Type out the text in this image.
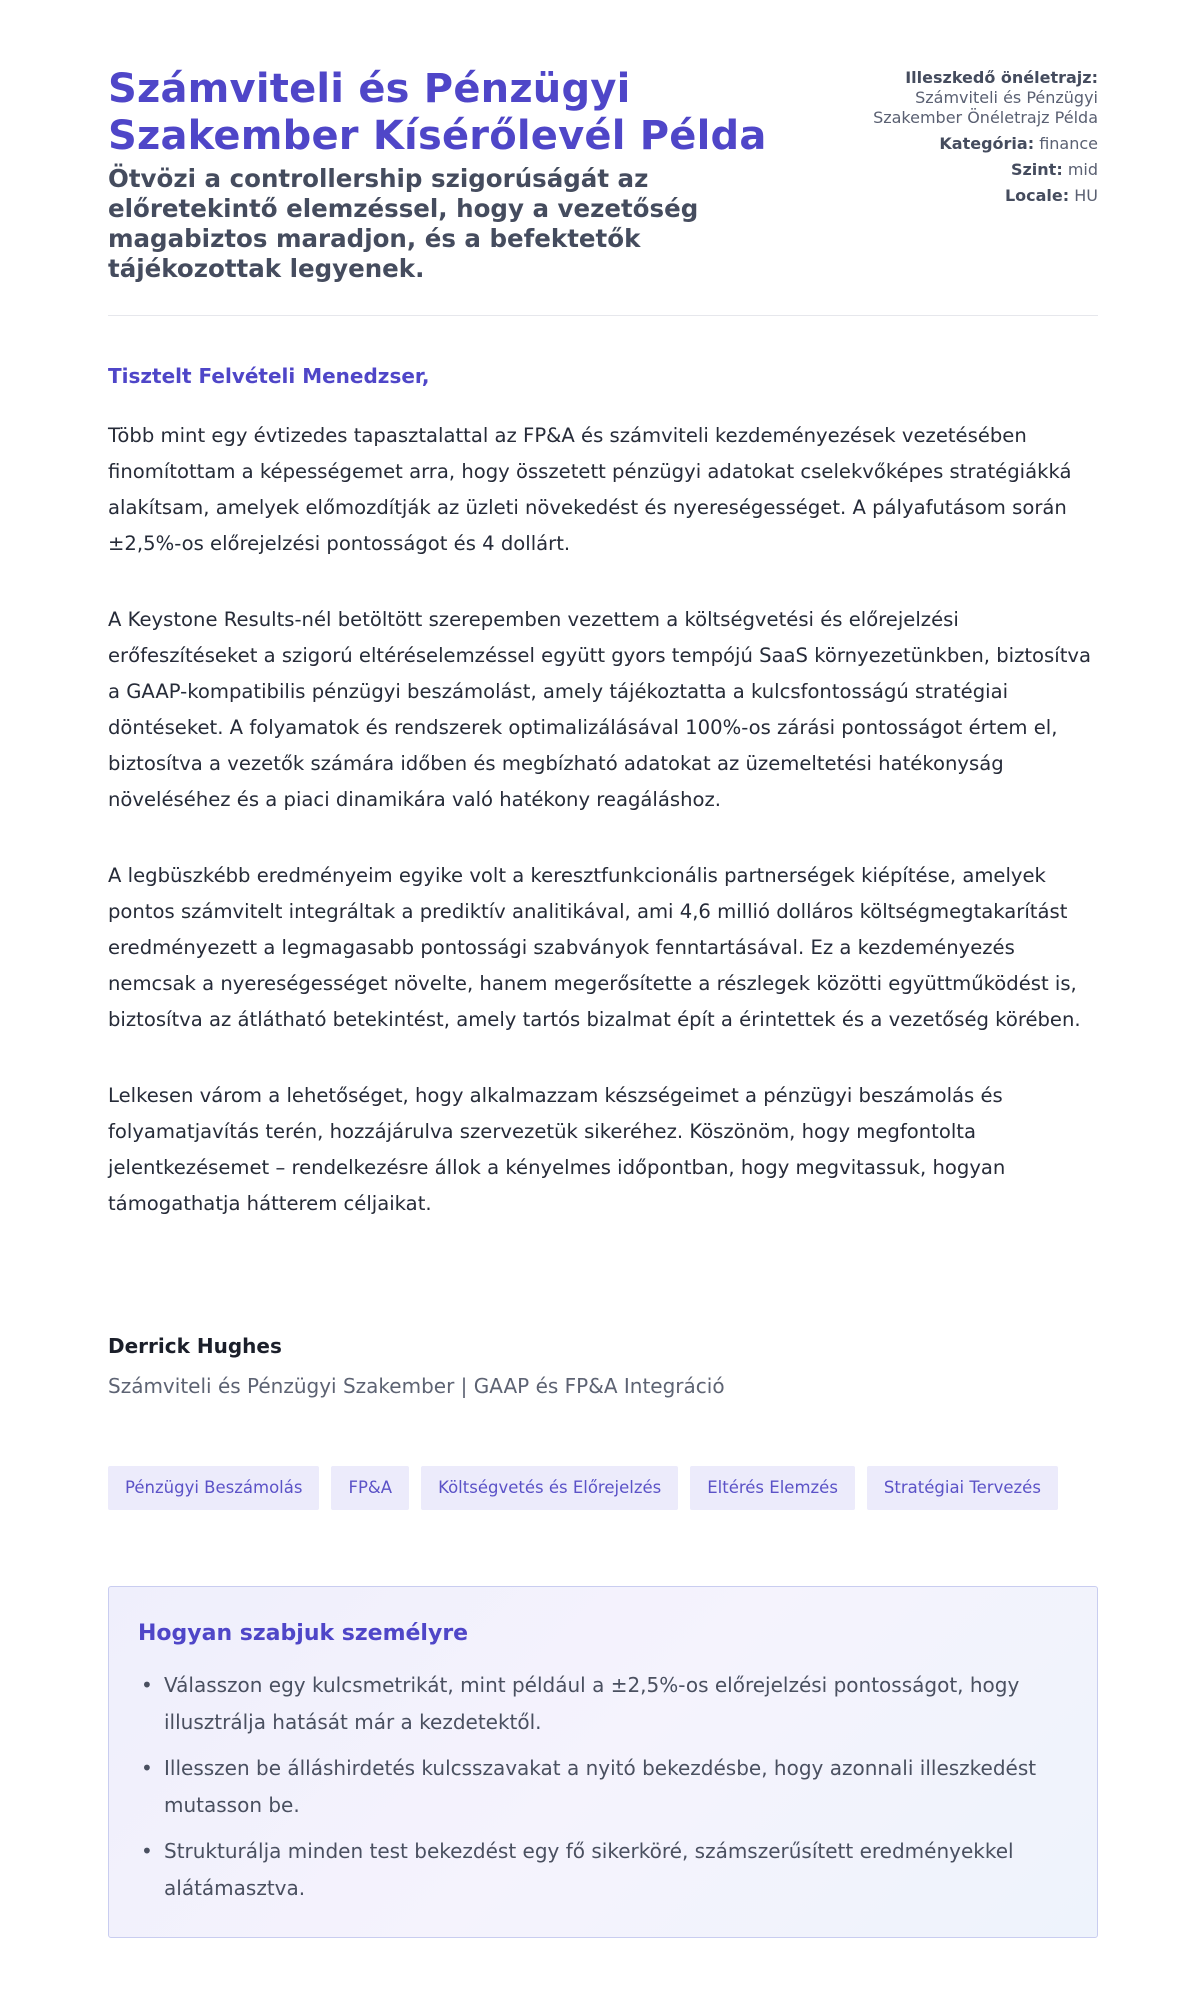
Számviteli és Pénzügyi Szakember Kísérőlevél Példa
Ötvözi a controllership szigorúságát az előretekintő elemzéssel, hogy a vezetőség magabiztos maradjon, és a befektetők tájékozottak legyenek.
Illeszkedő önéletrajz:
Számviteli és Pénzügyi Szakember Önéletrajz Példa
Kategória: finance
Szint: mid
Locale: HU
Tisztelt Felvételi Menedzser,

Több mint egy évtizedes tapasztalattal az FP&A és számviteli kezdeményezések vezetésében finomítottam a képességemet arra, hogy összetett pénzügyi adatokat cselekvőképes stratégiákká alakítsam, amelyek előmozdítják az üzleti növekedést és nyereségességet. A pályafutásom során ±2,5%-os előrejelzési pontosságot és 4 dollárt.

A Keystone Results-nél betöltött szerepemben vezettem a költségvetési és előrejelzési erőfeszítéseket a szigorú eltéréselemzéssel együtt gyors tempójú SaaS környezetünkben, biztosítva a GAAP-kompatibilis pénzügyi beszámolást, amely tájékoztatta a kulcsfontosságú stratégiai döntéseket. A folyamatok és rendszerek optimalizálásával 100%-os zárási pontosságot értem el, biztosítva a vezetők számára időben és megbízható adatokat az üzemeltetési hatékonyság növeléséhez és a piaci dinamikára való hatékony reagáláshoz.

A legbüszkébb eredményeim egyike volt a keresztfunkcionális partnerségek kiépítése, amelyek pontos számvitelt integráltak a prediktív analitikával, ami 4,6 millió dolláros költségmegtakarítást eredményezett a legmagasabb pontossági szabványok fenntartásával. Ez a kezdeményezés nemcsak a nyereségességet növelte, hanem megerősítette a részlegek közötti együttműködést is, biztosítva az átlátható betekintést, amely tartós bizalmat épít a érintettek és a vezetőség körében.

Lelkesen várom a lehetőséget, hogy alkalmazzam készségeimet a pénzügyi beszámolás és folyamatjavítás terén, hozzájárulva szervezetük sikeréhez. Köszönöm, hogy megfontolta jelentkezésemet – rendelkezésre állok a kényelmes időpontban, hogy megvitassuk, hogyan támogathatja hátterem céljaikat.

Derrick Hughes
Számviteli és Pénzügyi Szakember | GAAP és FP&A Integráció
Pénzügyi Beszámolás	FP&A	Költségvetés és Előrejelzés	Eltérés Elemzés	Stratégiai Tervezés
Hogyan szabjuk személyre
• Válasszon egy kulcsmetrikát, mint például a ±2,5%-os előrejelzési pontosságot, hogy illusztrálja hatását már a kezdetektől.
• Illesszen be álláshirdetés kulcsszavakat a nyitó bekezdésbe, hogy azonnali illeszkedést mutasson be.
• Strukturálja minden test bekezdést egy fő sikerköré, számszerűsített eredményekkel alátámasztva.
